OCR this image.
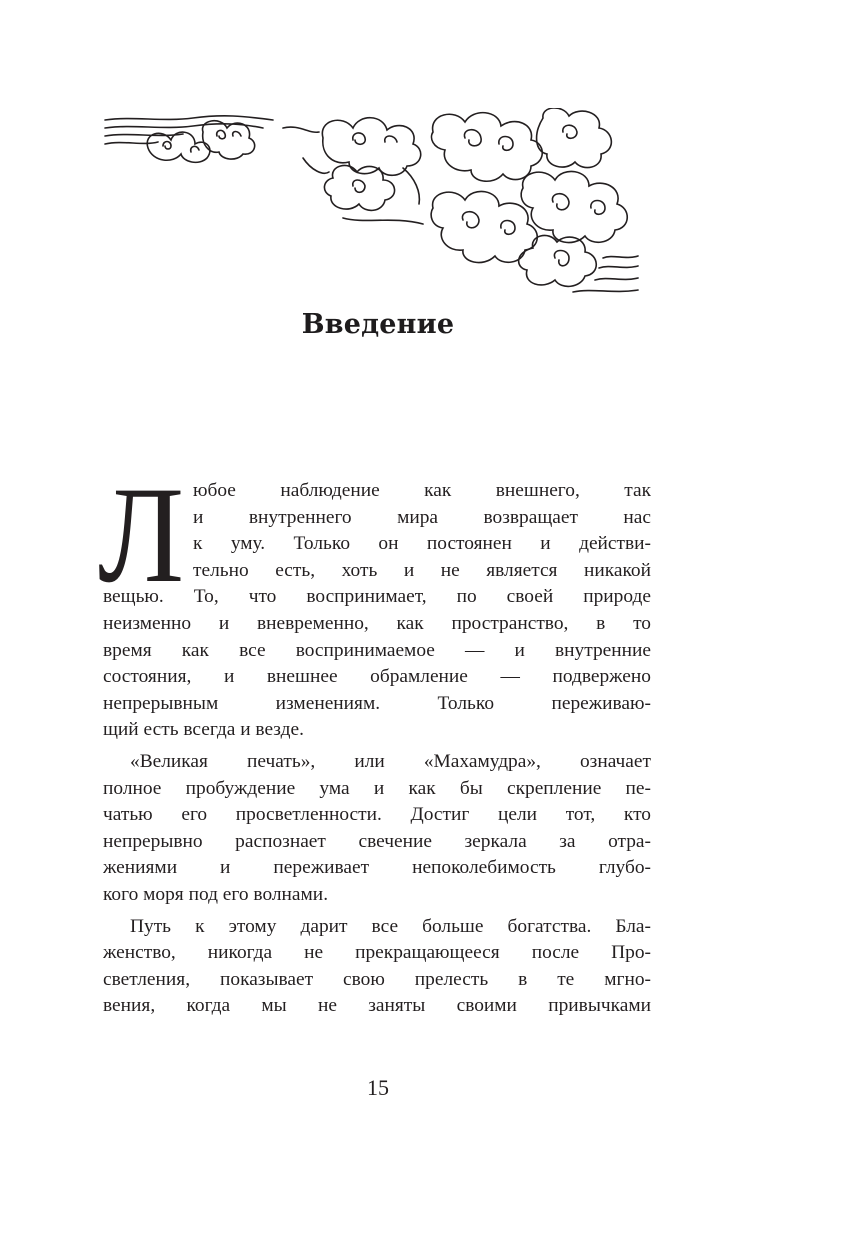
Введение
Л юбое наблюдение как внешнего, так
и внутреннего мира возвращает нас
к уму. Только он постоянен и действи-
тельно есть, хоть и не является никакой
вещью. То, что воспринимает, по своей природе
неизменно и вневременно, как пространство, в то
время как все воспринимаемое — и внутренние
состояния, и внешнее обрамление — подвержено
непрерывным изменениям. Только переживаю-
щий есть всегда и везде.
«Великая печать», или «Махамудра», означает
полное пробуждение ума и как бы скрепление пе-
чатью его просветленности. Достиг цели тот, кто
непрерывно распознает свечение зеркала за отра-
жениями и переживает непоколебимость глубо-
кого моря под его волнами.
Путь к этому дарит все больше богатства. Бла-
женство, никогда не прекращающееся после Про-
светления, показывает свою прелесть в те мгно-
вения, когда мы не заняты своими привычками
15
